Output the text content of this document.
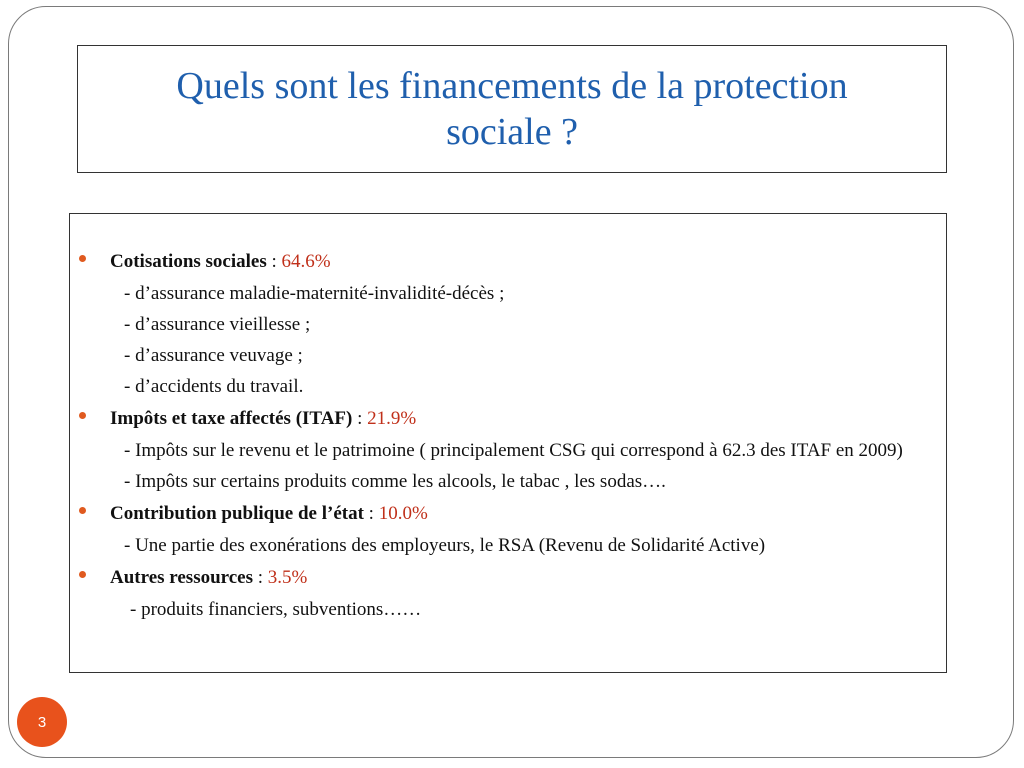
Quels sont les financements de la protection sociale ?
Cotisations sociales : 64.6%
- d’assurance maladie-maternité-invalidité-décès ;
- d’assurance vieillesse ;
- d’assurance veuvage ;
- d’accidents du travail.
Impôts et taxe affectés (ITAF) : 21.9%
- Impôts sur le revenu et le patrimoine ( principalement CSG qui correspond à 62.3 des ITAF en 2009)
- Impôts sur certains produits comme les alcools, le tabac , les sodas….
Contribution publique de l’état : 10.0%
- Une partie des exonérations des employeurs, le RSA (Revenu de Solidarité Active)
Autres ressources : 3.5%
- produits financiers, subventions……
3
